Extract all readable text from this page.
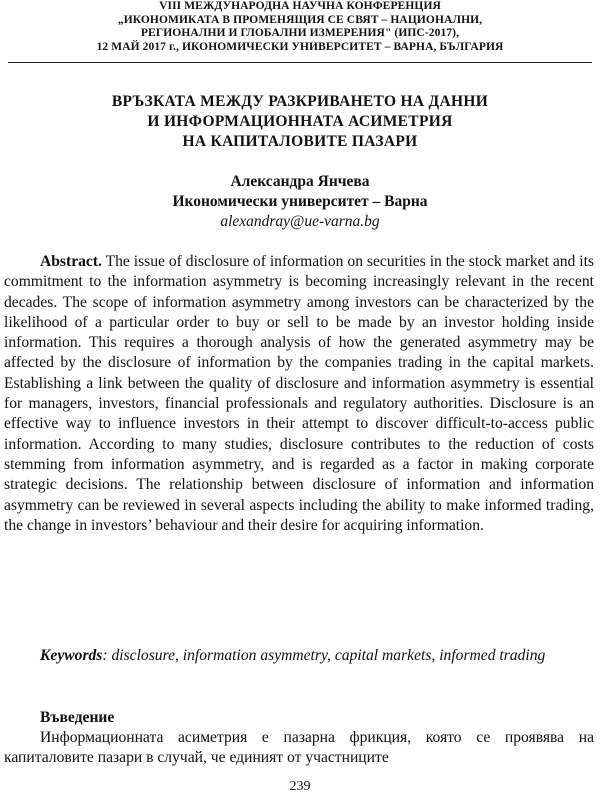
VIII МЕЖДУНАРОДНА НАУЧНА КОНФЕРЕНЦИЯ
„ИКОНОМИКАТА В ПРОМЕНЯЩИЯ СЕ СВЯТ – НАЦИОНАЛНИ,
РЕГИОНАЛНИ И ГЛОБАЛНИ ИЗМЕРЕНИЯ" (ИПС-2017),
12 МАЙ 2017 г., ИКОНОМИЧЕСКИ УНИВЕРСИТЕТ – ВАРНА, БЪЛГАРИЯ
ВРЪЗКАТА МЕЖДУ РАЗКРИВАНЕТО НА ДАННИ
И ИНФОРМАЦИОННАТА АСИМЕТРИЯ
НА КАПИТАЛОВИТЕ ПАЗАРИ
Александра Янчева
Икономически университет – Варна
alexandray@ue-varna.bg

Abstract. The issue of disclosure of information on securities in the stock market and its commitment to the information asymmetry is becoming increasingly relevant in the recent decades. The scope of information asymmetry among investors can be characterized by the likelihood of a particular order to buy or sell to be made by an investor holding inside information. This requires a thorough analysis of how the generated asymmetry may be affected by the disclosure of information by the companies trading in the capital markets. Establishing a link between the quality of disclosure and information asymmetry is essential for managers, investors, financial professionals and regulatory authorities. Disclosure is an effective way to influence investors in their attempt to discover difficult-to-access public information. According to many studies, disclosure contributes to the reduction of costs stemming from information asymmetry, and is regarded as a factor in making corporate strategic decisions. The relationship between disclosure of information and information asymmetry can be reviewed in several aspects including the ability to make informed trading, the change in investors’ behaviour and their desire for acquiring information.

Keywords: disclosure, information asymmetry, capital markets, informed trading

Въведение

Информационната асиметрия е пазарна фрикция, която се проявява на капиталовите пазари в случай, че единият от участниците

239
